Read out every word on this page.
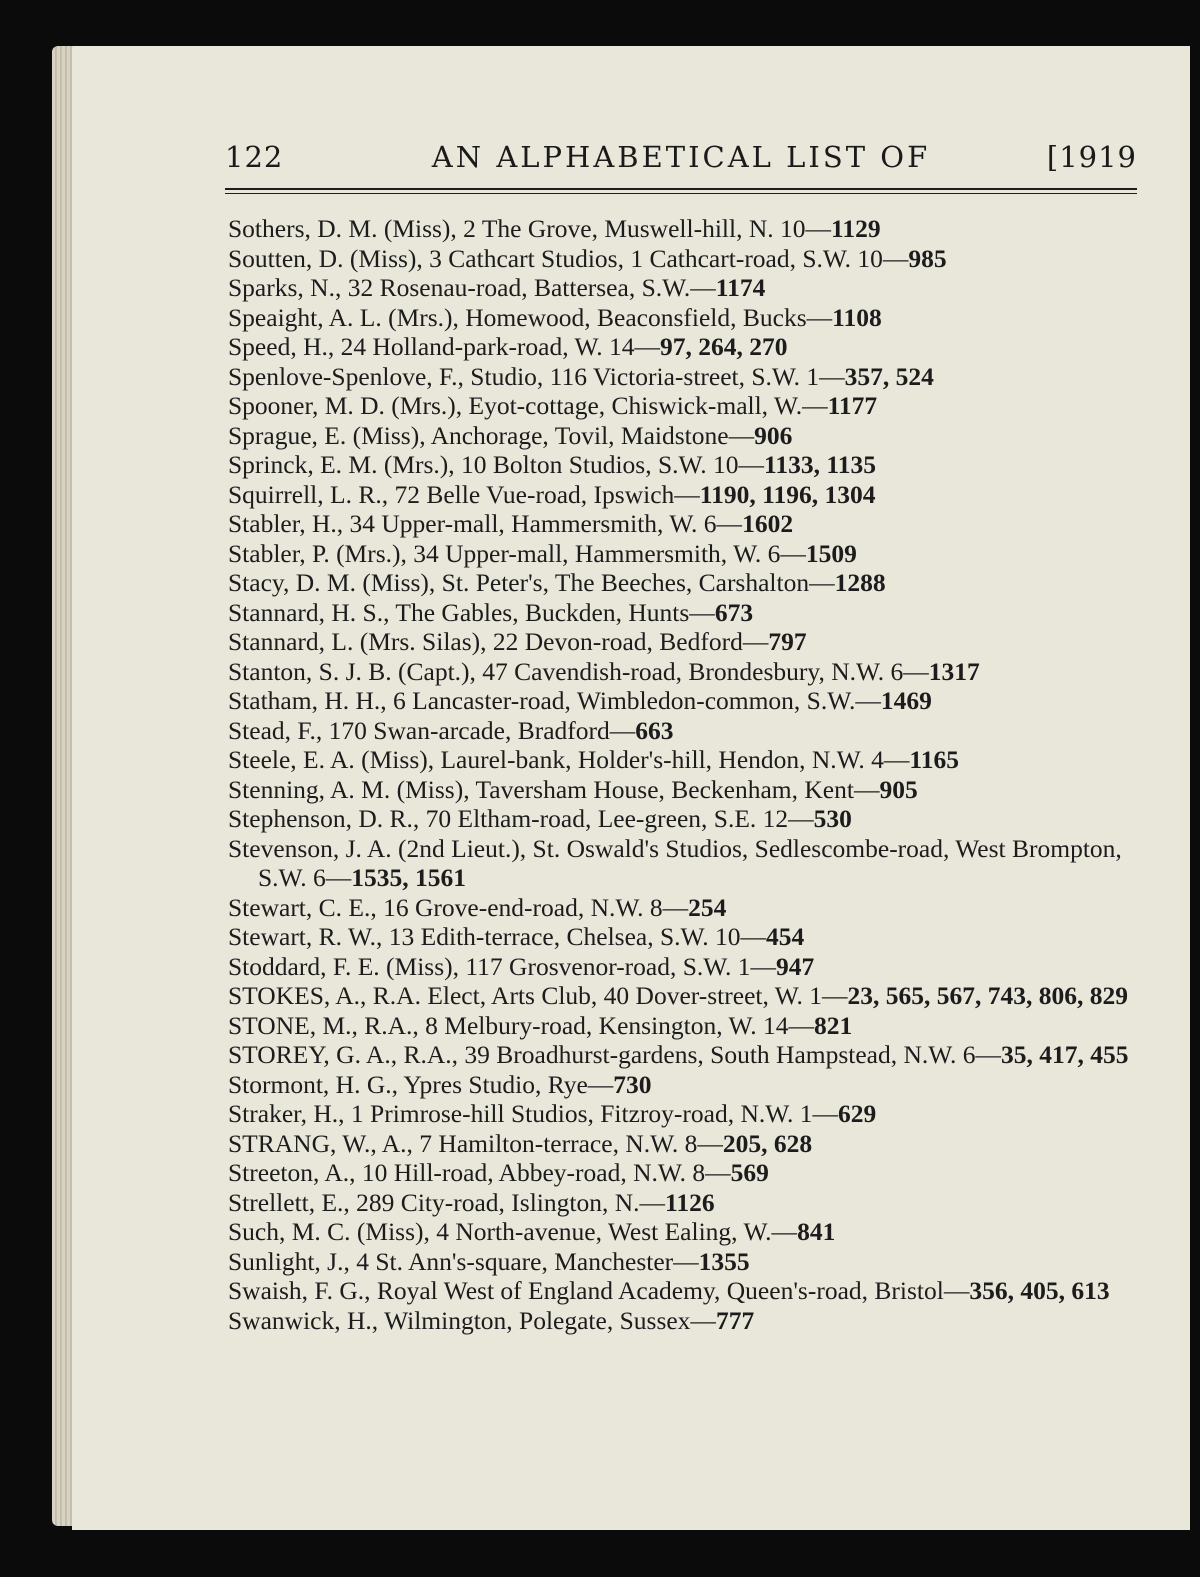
122	AN ALPHABETICAL LIST OF	[1919
Sothers, D. M. (Miss), 2 The Grove, Muswell-hill, N. 10—1129
Soutten, D. (Miss), 3 Cathcart Studios, 1 Cathcart-road, S.W. 10—985
Sparks, N., 32 Rosenau-road, Battersea, S.W.—1174
Speaight, A. L. (Mrs.), Homewood, Beaconsfield, Bucks—1108
Speed, H., 24 Holland-park-road, W. 14—97, 264, 270
Spenlove-Spenlove, F., Studio, 116 Victoria-street, S.W. 1—357, 524
Spooner, M. D. (Mrs.), Eyot-cottage, Chiswick-mall, W.—1177
Sprague, E. (Miss), Anchorage, Tovil, Maidstone—906
Sprinck, E. M. (Mrs.), 10 Bolton Studios, S.W. 10—1133, 1135
Squirrell, L. R., 72 Belle Vue-road, Ipswich—1190, 1196, 1304
Stabler, H., 34 Upper-mall, Hammersmith, W. 6—1602
Stabler, P. (Mrs.), 34 Upper-mall, Hammersmith, W. 6—1509
Stacy, D. M. (Miss), St. Peter's, The Beeches, Carshalton—1288
Stannard, H. S., The Gables, Buckden, Hunts—673
Stannard, L. (Mrs. Silas), 22 Devon-road, Bedford—797
Stanton, S. J. B. (Capt.), 47 Cavendish-road, Brondesbury, N.W. 6—1317
Statham, H. H., 6 Lancaster-road, Wimbledon-common, S.W.—1469
Stead, F., 170 Swan-arcade, Bradford—663
Steele, E. A. (Miss), Laurel-bank, Holder's-hill, Hendon, N.W. 4—1165
Stenning, A. M. (Miss), Taversham House, Beckenham, Kent—905
Stephenson, D. R., 70 Eltham-road, Lee-green, S.E. 12—530
Stevenson, J. A. (2nd Lieut.), St. Oswald's Studios, Sedlescombe-road, West Brompton, S.W. 6—1535, 1561
Stewart, C. E., 16 Grove-end-road, N.W. 8—254
Stewart, R. W., 13 Edith-terrace, Chelsea, S.W. 10—454
Stoddard, F. E. (Miss), 117 Grosvenor-road, S.W. 1—947
STOKES, A., R.A. Elect, Arts Club, 40 Dover-street, W. 1—23, 565, 567, 743, 806, 829
STONE, M., R.A., 8 Melbury-road, Kensington, W. 14—821
STOREY, G. A., R.A., 39 Broadhurst-gardens, South Hampstead, N.W. 6—35, 417, 455
Stormont, H. G., Ypres Studio, Rye—730
Straker, H., 1 Primrose-hill Studios, Fitzroy-road, N.W. 1—629
STRANG, W., A., 7 Hamilton-terrace, N.W. 8—205, 628
Streeton, A., 10 Hill-road, Abbey-road, N.W. 8—569
Strellett, E., 289 City-road, Islington, N.—1126
Such, M. C. (Miss), 4 North-avenue, West Ealing, W.—841
Sunlight, J., 4 St. Ann's-square, Manchester—1355
Swaish, F. G., Royal West of England Academy, Queen's-road, Bristol—356, 405, 613
Swanwick, H., Wilmington, Polegate, Sussex—777
